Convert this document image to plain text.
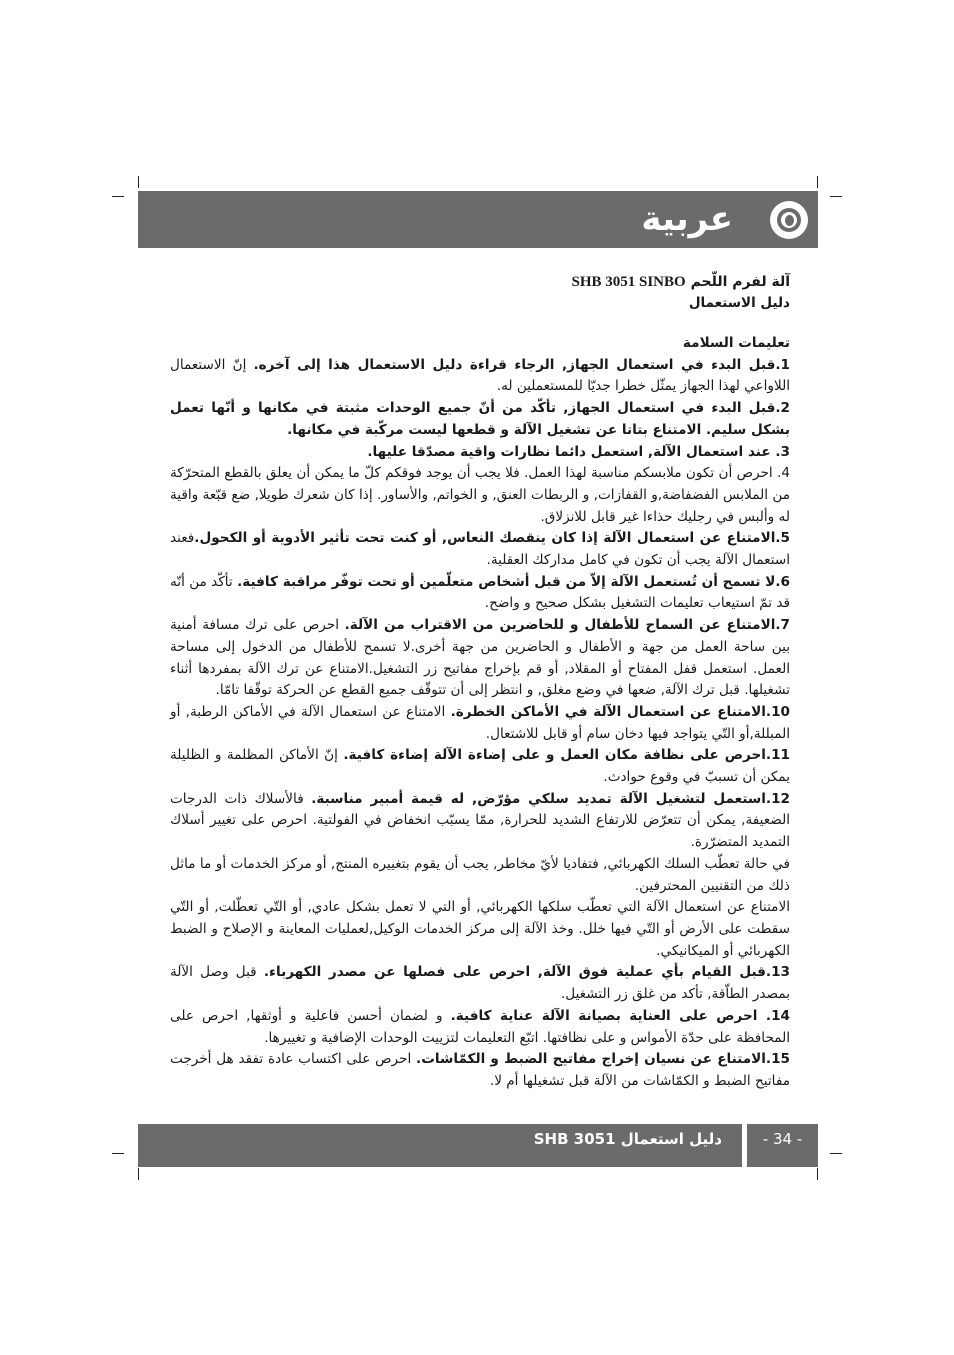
عربية
آلة لفرم اللّحم SHB 3051 SINBO
دليل الاستعمال

تعليمات السلامة

1.قبل البدء في استعمال الجهاز, الرجاء قراءة دليل الاستعمال هذا إلى آخره. إنّ الاستعمال اللاواعي لهذا الجهاز يمثّل خطرا جديّا للمستعملين له.

2.قبل البدء في استعمال الجهاز, تأكّد من أنّ جميع الوحدات مثبتة في مكانها و أنّها تعمل بشكل سليم. الامتناع بتاتا عن تشغيل الآلة و قطعها ليست مركّبة في مكانها.

3. عند استعمال الآلة, استعمل دائما نظارات واقية مصدّقا عليها.

4. احرص أن تكون ملابسكم مناسبة لهذا العمل. فلا يجب أن يوجد فوقكم كلّ ما يمكن أن يعلق بالقطع المتحرّكة من الملابس الفضفاضة,و القفازات, و الربطات العنق, و الخواتم, والأساور. إذا كان شعرك طويلا, ضع قبّعة واقية له وألبس في رجليك حذاءا غير قابل للانزلاق.

5.الامتناع عن استعمال الآلة إذا كان ينقصك النعاس, أو كنت تحت تأثير الأدوية أو الكحول.فعند استعمال الآلة يجب أن تكون في كامل مداركك العقلية.

6.لا تسمح أن تُستعمل الآلة إلاّ من قبل أشخاص متعلّمين أو تحت توفّر مراقبة كافية. تأكّد من أنّه قد تمّ استيعاب تعليمات التشغيل بشكل صحيح و واضح.

7.الامتناع عن السماح للأطفال و للحاضرين من الاقتراب من الآلة. احرص على ترك مسافة أمنية بين ساحة العمل من جهة و الأطفال و الحاضرين من جهة أخرى.لا تسمح للأطفال من الدخول إلى مساحة العمل. استعمل قفل المفتاح أو المقلاد, أو قم بإخراج مفاتيح زر التشغيل.الامتناع عن ترك الآلة بمفردها أثناء تشغيلها. قبل ترك الآلة, ضعها في وضع مغلق, و انتظر إلى أن تتوقّف جميع القطع عن الحركة توقّفا تامّا.

10.الامتناع عن استعمال الآلة في الأماكن الخطرة. الامتناع عن استعمال الآلة في الأماكن الرطبة, أو المبللة,أو التّي يتواجد فيها دخان سام أو قابل للاشتعال.

11.احرص على نظافة مكان العمل و على إضاءة الآلة إضاءة كافية. إنّ الأماكن المظلمة و الظليلة يمكن أن تسببّ في وقوع حوادث.

12.استعمل لتشغيل الآلة تمديد سلكي مؤرّض, له قيمة أمبير مناسبة. فالأسلاك ذات الدرجات الضعيفة, يمكن أن تتعرّض للارتفاع الشديد للحرارة, ممّا يسبّب انخفاض في الفولتية. احرص على تغيير أسلاك التمديد المتضرّرة.

في حالة تعطّب السلك الكهربائي, فتفاديا لأيّ مخاطر, يجب أن يقوم بتغييره المنتج, أو مركز الخدمات أو ما ماثل ذلك من التقنيين المحترفين.

الامتناع عن استعمال الآلة التي تعطّب سلكها الكهربائي, أو التي لا تعمل بشكل عادي, أو التّي تعطّلت, أو التّي سقطت على الأرض أو التّي فيها خلل. وخذ الآلة إلى مركز الخدمات الوكيل,لعمليات المعاينة و الإصلاح و الضبط الكهربائي أو الميكانيكي.

13.قبل القيام بأي عملية فوق الآلة, احرص على فصلها عن مصدر الكهرباء. قبل وصل الآلة بمصدر الطاّقة, تأكد من غلق زر التشغيل.

14. احرص على العناية بصيانة الآلة عناية كافية. و لضمان أحسن فاعلية و أوثقها, احرص على المحافظة على حدّة الأمواس و على نظافتها. اتبّع التعليمات لتزييت الوحدات الإضافية و تغييرها.

15.الامتناع عن نسيان إخراج مفاتيح الضبط و الكمّاشات. احرص على اكتساب عادة تفقد هل أخرجت مفاتيح الضبط و الكمّاشات من الآلة قبل تشغيلها أم لا.

دليل استعمال SHB 3051	- 34 -
